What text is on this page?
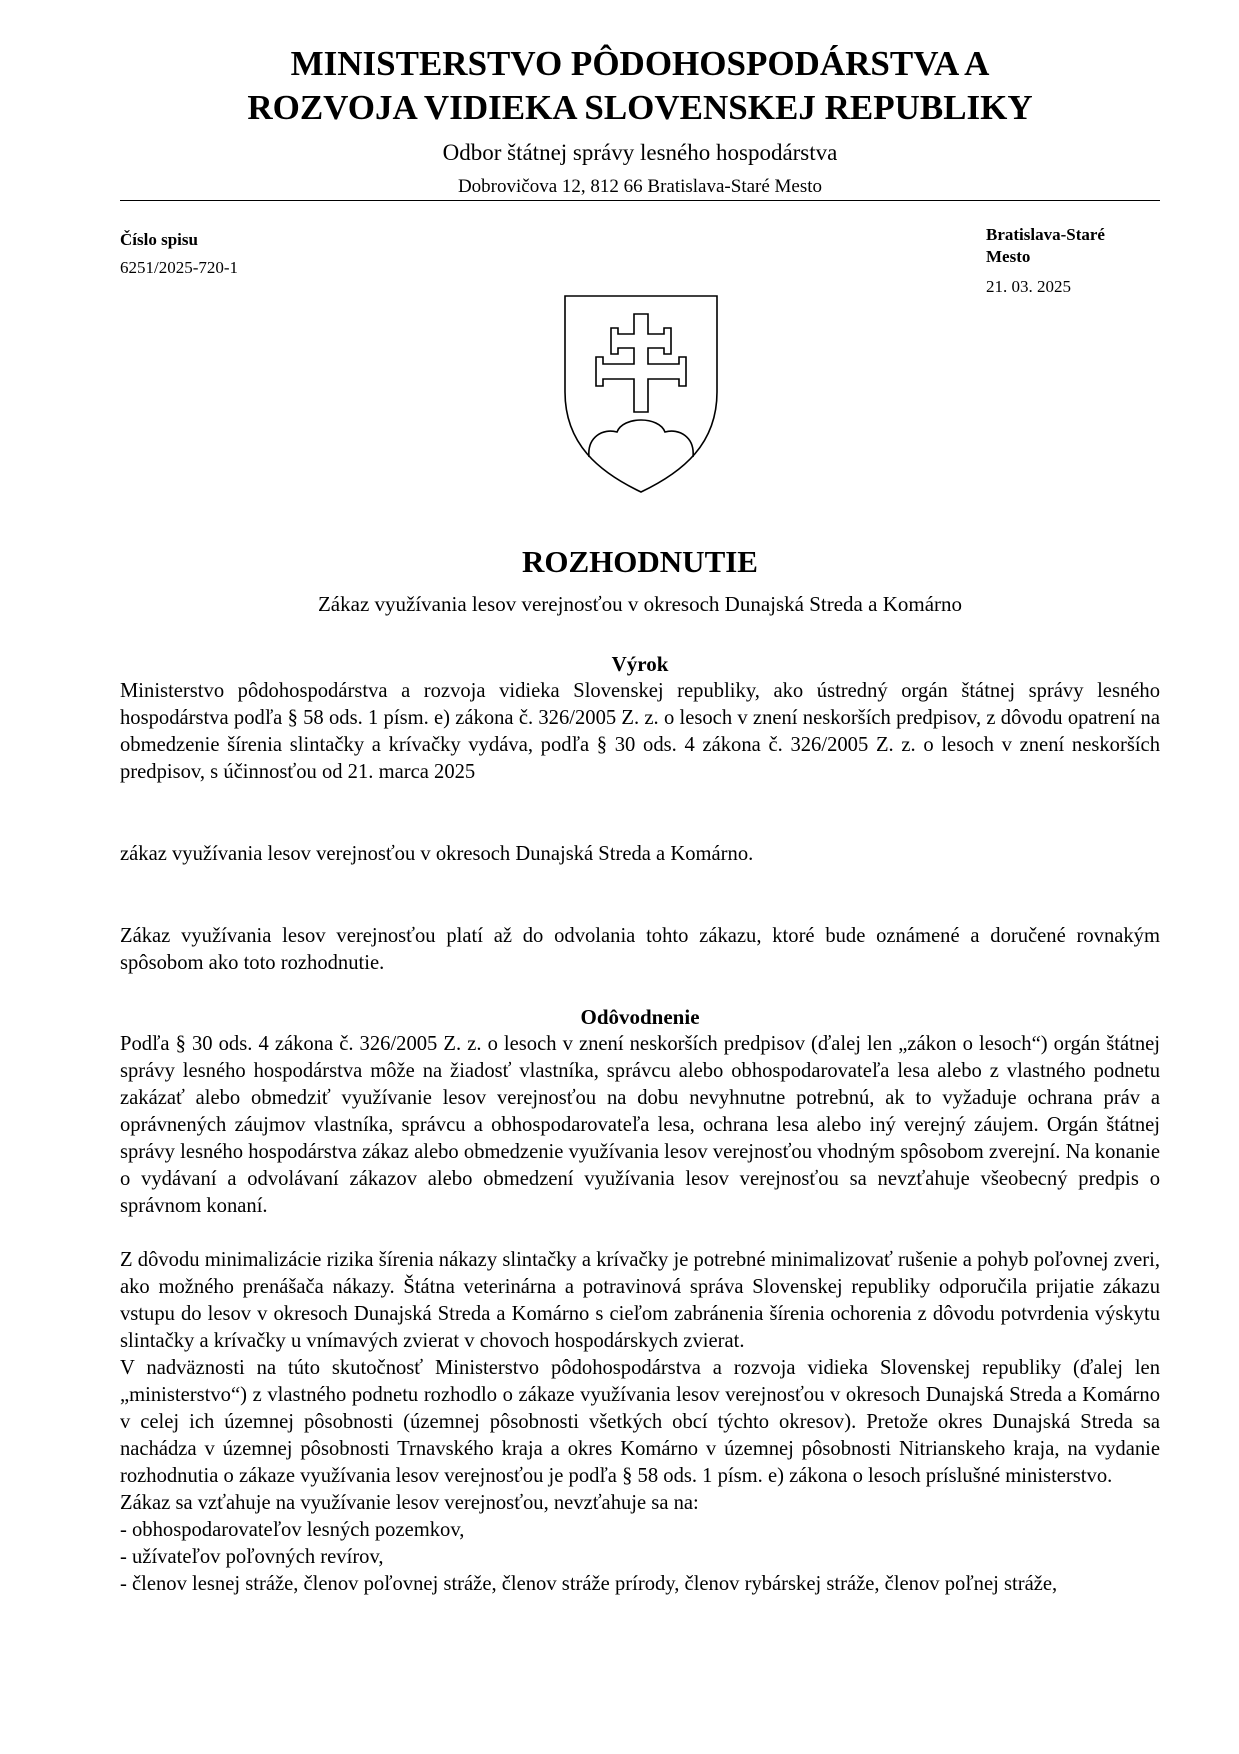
MINISTERSTVO PÔDOHOSPODÁRSTVA A
ROZVOJA VIDIEKA SLOVENSKEJ REPUBLIKY
Odbor štátnej správy lesného hospodárstva
Dobrovičova 12, 812 66 Bratislava-Staré Mesto
Číslo spisu
6251/2025-720-1
Bratislava-Staré
Mesto
21. 03. 2025
ROZHODNUTIE
Zákaz využívania lesov verejnosťou v okresoch Dunajská Streda a Komárno
Výrok

Ministerstvo pôdohospodárstva a rozvoja vidieka Slovenskej republiky, ako ústredný orgán štátnej správy lesného hospodárstva podľa § 58 ods. 1 písm. e) zákona č. 326/2005 Z. z. o lesoch v znení neskorších predpisov, z dôvodu opatrení na obmedzenie šírenia slintačky a krívačky vydáva, podľa § 30 ods. 4 zákona č. 326/2005 Z. z. o lesoch v znení neskorších predpisov, s účinnosťou od 21. marca 2025

zákaz využívania lesov verejnosťou v okresoch Dunajská Streda a Komárno.

Zákaz využívania lesov verejnosťou platí až do odvolania tohto zákazu, ktoré bude oznámené a doručené rovnakým spôsobom ako toto rozhodnutie.

Odôvodnenie

Podľa § 30 ods. 4 zákona č. 326/2005 Z. z. o lesoch v znení neskorších predpisov (ďalej len „zákon o lesoch“) orgán štátnej správy lesného hospodárstva môže na žiadosť vlastníka, správcu alebo obhospodarovateľa lesa alebo z vlastného podnetu zakázať alebo obmedziť využívanie lesov verejnosťou na dobu nevyhnutne potrebnú, ak to vyžaduje ochrana práv a oprávnených záujmov vlastníka, správcu a obhospodarovateľa lesa, ochrana lesa alebo iný verejný záujem. Orgán štátnej správy lesného hospodárstva zákaz alebo obmedzenie využívania lesov verejnosťou vhodným spôsobom zverejní. Na konanie o vydávaní a odvolávaní zákazov alebo obmedzení využívania lesov verejnosťou sa nevzťahuje všeobecný predpis o správnom konaní.

Z dôvodu minimalizácie rizika šírenia nákazy slintačky a krívačky je potrebné minimalizovať rušenie a pohyb poľovnej zveri, ako možného prenášača nákazy. Štátna veterinárna a potravinová správa Slovenskej republiky odporučila prijatie zákazu vstupu do lesov v okresoch Dunajská Streda a Komárno s cieľom zabránenia šírenia ochorenia z dôvodu potvrdenia výskytu slintačky a krívačky u vnímavých zvierat v chovoch hospodárskych zvierat.

V nadväznosti na túto skutočnosť Ministerstvo pôdohospodárstva a rozvoja vidieka Slovenskej republiky (ďalej len „ministerstvo“) z vlastného podnetu rozhodlo o zákaze využívania lesov verejnosťou v okresoch Dunajská Streda a Komárno v celej ich územnej pôsobnosti (územnej pôsobnosti všetkých obcí týchto okresov). Pretože okres Dunajská Streda sa nachádza v územnej pôsobnosti Trnavského kraja a okres Komárno v územnej pôsobnosti Nitrianskeho kraja, na vydanie rozhodnutia o zákaze využívania lesov verejnosťou je podľa § 58 ods. 1 písm. e) zákona o lesoch príslušné ministerstvo.

Zákaz sa vzťahuje na využívanie lesov verejnosťou, nevzťahuje sa na:

- obhospodarovateľov lesných pozemkov,

- užívateľov poľovných revírov,

- členov lesnej stráže, členov poľovnej stráže, členov stráže prírody, členov rybárskej stráže, členov poľnej stráže,
